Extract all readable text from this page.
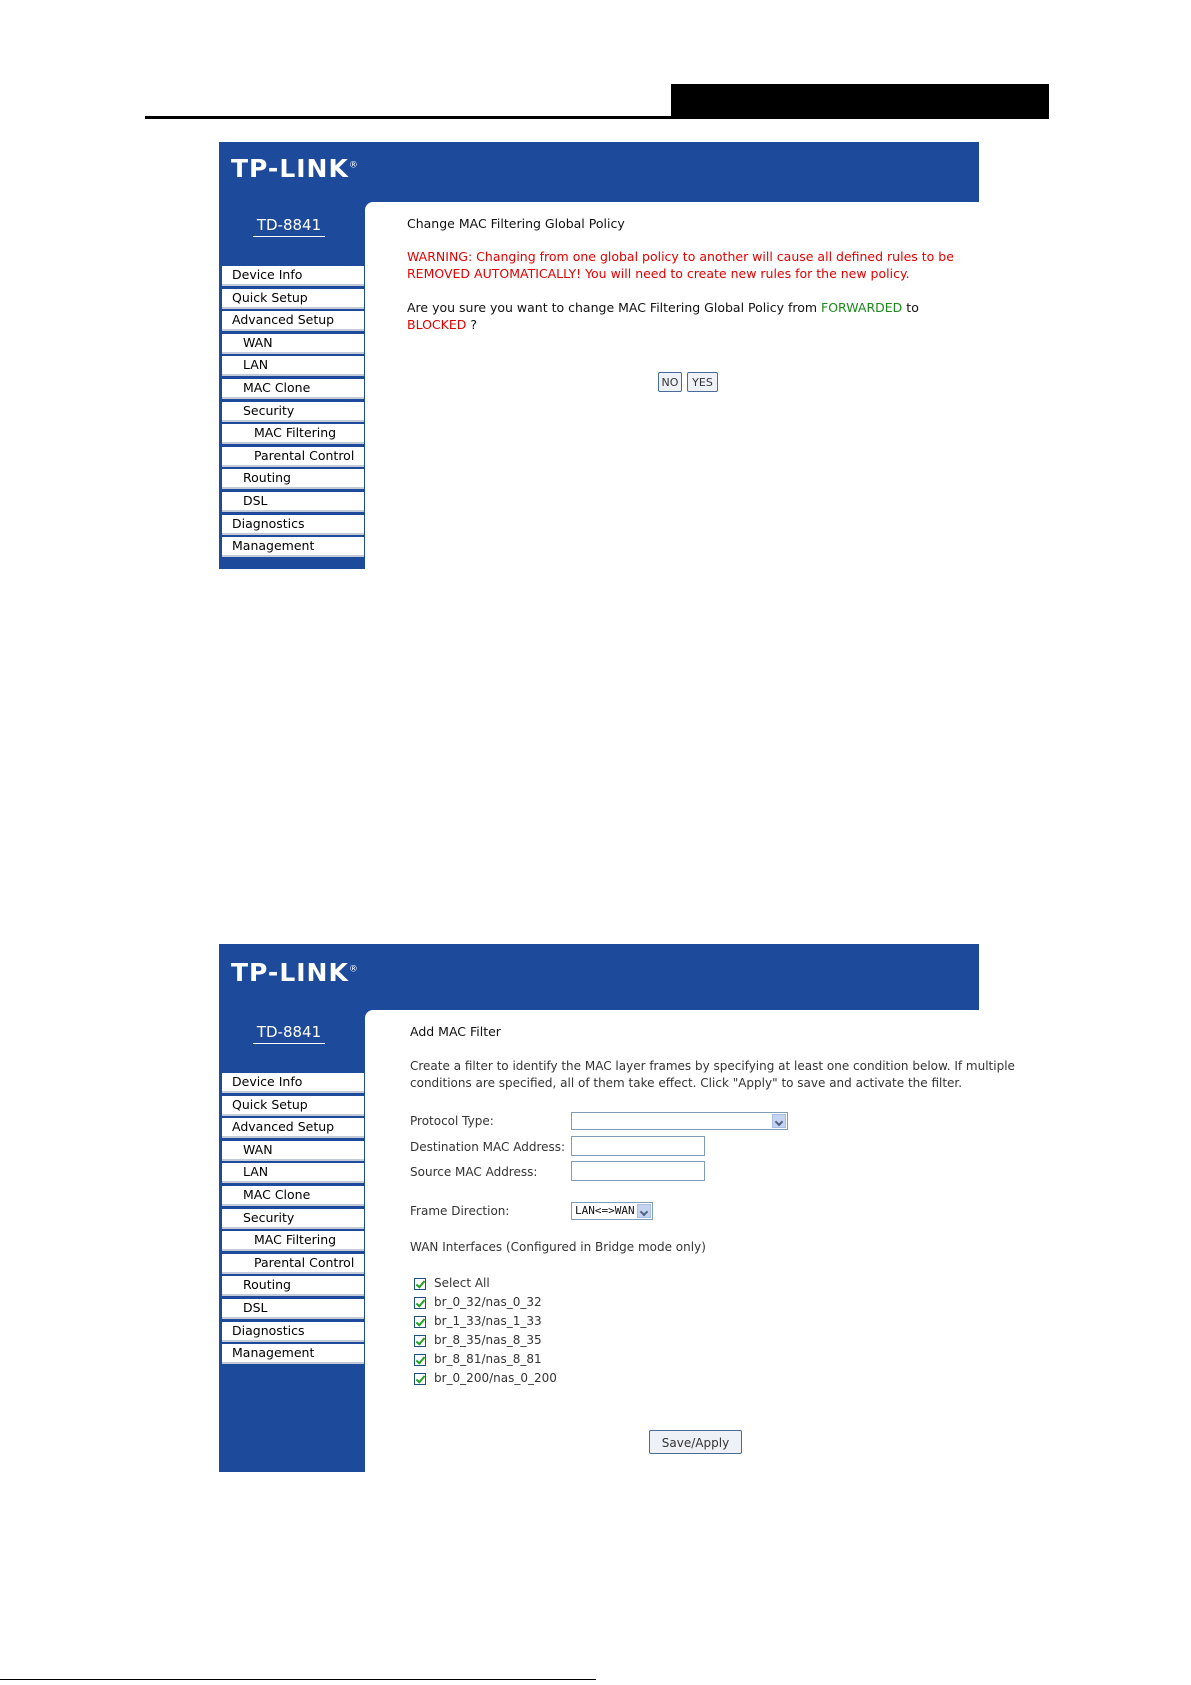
TP-LINK®
TD-8841
Device Info
Quick Setup
Advanced Setup
WAN
LAN
MAC Clone
Security
MAC Filtering
Parental Control
Routing
DSL
Diagnostics
Management
Change MAC Filtering Global Policy
WARNING: Changing from one global policy to another will cause all defined rules to be
REMOVED AUTOMATICALLY! You will need to create new rules for the new policy.
Are you sure you want to change MAC Filtering Global Policy from FORWARDED to
BLOCKED ?
NO	YES
TP-LINK®
TD-8841
Device Info
Quick Setup
Advanced Setup
WAN
LAN
MAC Clone
Security
MAC Filtering
Parental Control
Routing
DSL
Diagnostics
Management
Add MAC Filter
Create a filter to identify the MAC layer frames by specifying at least one condition below. If multiple
conditions are specified, all of them take effect. Click "Apply" to save and activate the filter.
Protocol Type:
Destination MAC Address:
Source MAC Address:
Frame Direction:	LAN<=>WAN
WAN Interfaces (Configured in Bridge mode only)
Select All
br_0_32/nas_0_32
br_1_33/nas_1_33
br_8_35/nas_8_35
br_8_81/nas_8_81
br_0_200/nas_0_200
Save/Apply
